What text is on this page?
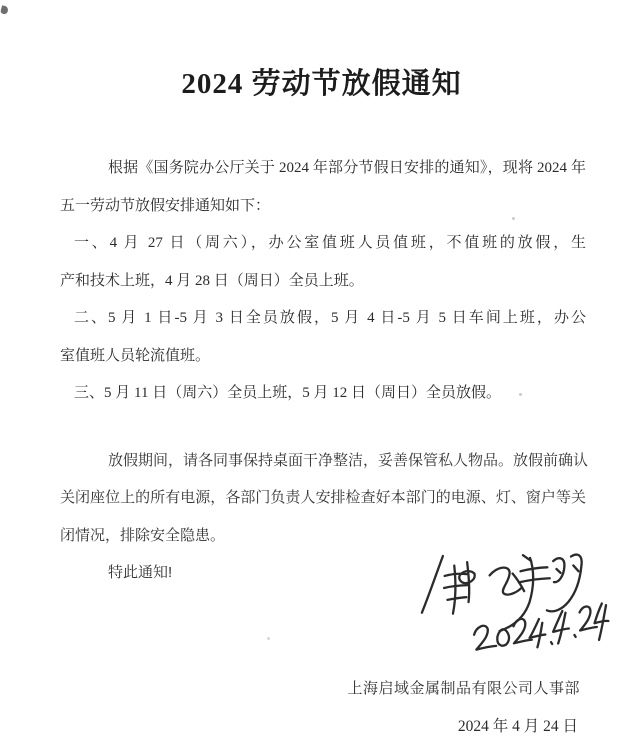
2024 劳动节放假通知
根据《国务院办公厅关于 2024 年部分节假日安排的通知》，现将 2024 年
五一劳动节放假安排通知如下：
一、4 月 27 日（周六），办公室值班人员值班，不值班的放假，生
产和技术上班，4 月 28 日（周日）全员上班。
二、5 月 1 日-5 月 3 日全员放假，5 月 4 日-5 月 5 日车间上班，办公
室值班人员轮流值班。
三、5 月 11 日（周六）全员上班，5 月 12 日（周日）全员放假。
放假期间，请各同事保持桌面干净整洁，妥善保管私人物品。放假前确认
关闭座位上的所有电源，各部门负责人安排检查好本部门的电源、灯、窗户等关
闭情况，排除安全隐患。
特此通知!
上海启域金属制品有限公司人事部
2024 年 4 月 24 日
